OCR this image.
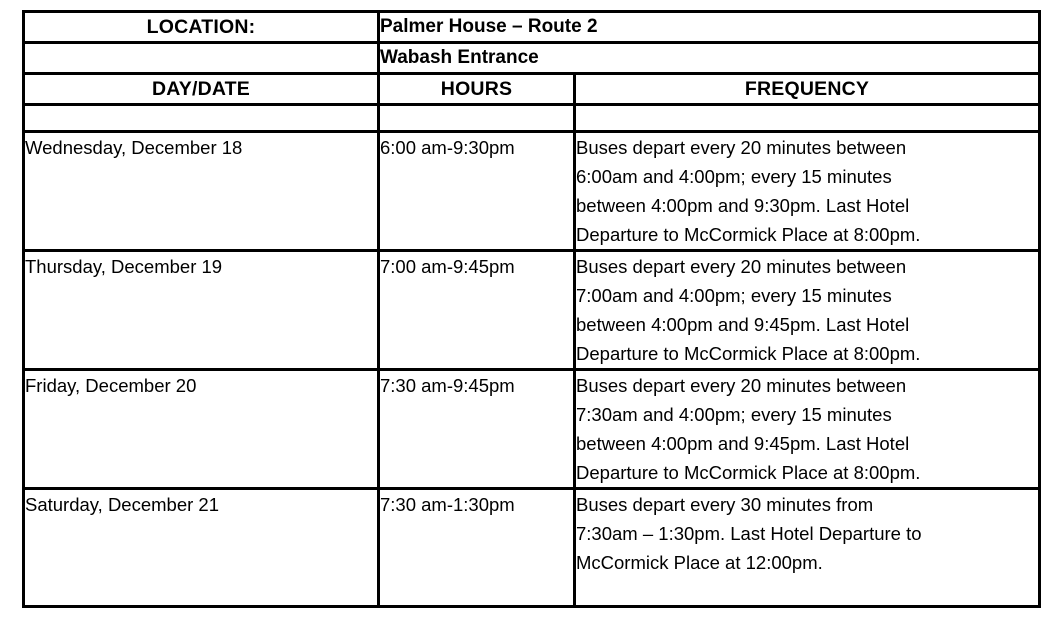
LOCATION:	Palmer House – Route 2	
	Wabash Entrance	
DAY/DATE	HOURS	FREQUENCY

Wednesday, December 18	6:00 am-9:30pm	Buses depart every 20 minutes between
6:00am and 4:00pm; every 15 minutes
between 4:00pm and 9:30pm. Last Hotel
Departure to McCormick Place at 8:00pm.

Thursday, December 19	7:00 am-9:45pm	Buses depart every 20 minutes between
7:00am and 4:00pm; every 15 minutes
between 4:00pm and 9:45pm. Last Hotel
Departure to McCormick Place at 8:00pm.

Friday, December 20	7:30 am-9:45pm	Buses depart every 20 minutes between
7:30am and 4:00pm; every 15 minutes
between 4:00pm and 9:45pm. Last Hotel
Departure to McCormick Place at 8:00pm.

Saturday, December 21	7:30 am-1:30pm	Buses depart every 30 minutes from
7:30am – 1:30pm. Last Hotel Departure to
McCormick Place at 12:00pm.
